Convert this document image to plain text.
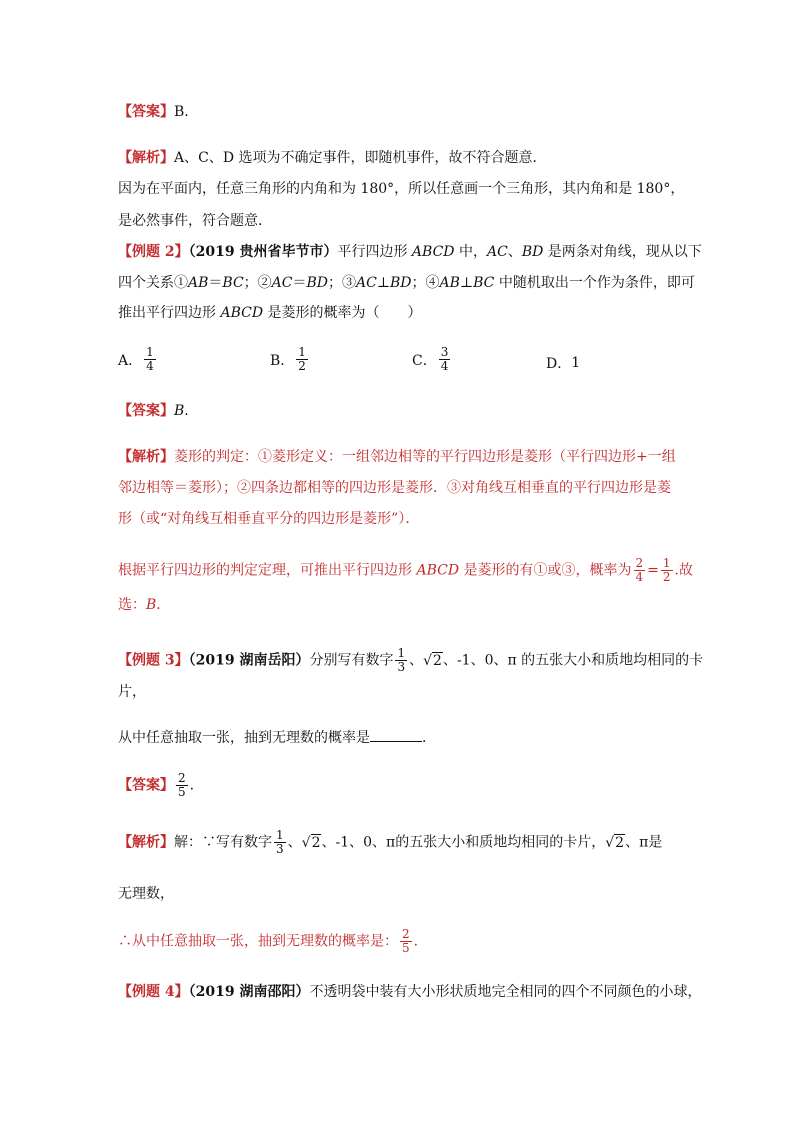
【答案】B.
【解析】A、C、D 选项为不确定事件，即随机事件，故不符合题意．
因为在平面内，任意三角形的内角和为 180°，所以任意画一个三角形，其内角和是 180°，
是必然事件，符合题意．
【例题 2】（2019 贵州省毕节市）平行四边形 ABCD 中，AC、BD 是两条对角线，现从以下
四个关系①AB＝BC；②AC＝BD；③AC⊥BD；④AB⊥BC 中随机取出一个作为条件，即可
推出平行四边形 ABCD 是菱形的概率为（　　）
A． $\frac{1}{4}$	B． $\frac{1}{2}$	C． $\frac{3}{4}$	D． 1
【答案】B.
【解析】菱形的判定：①菱形定义：一组邻边相等的平行四边形是菱形（平行四边形+一组
邻边相等＝菱形）；②四条边都相等的四边形是菱形．③对角线互相垂直的平行四边形是菱
形（或“对角线互相垂直平分的四边形是菱形”）．
根据平行四边形的判定定理，可推出平行四边形 ABCD 是菱形的有①或③，概率为 $\frac{2}{4} = \frac{1}{2}$ .故
选：B．
【例题 3】（2019 湖南岳阳）分别写有数字 $\frac{1}{3}$ 、√2、-1、0、π 的五张大小和质地均相同的卡
片，
从中任意抽取一张，抽到无理数的概率是	．
【答案】 $\frac{2}{5}$ .
【解析】解：∵写有数字 $\frac{1}{3}$ 、√2、-1、0、π的五张大小和质地均相同的卡片，√2、π是
无理数，
∴从中任意抽取一张，抽到无理数的概率是： $\frac{2}{5}$ ．
【例题 4】（2019 湖南邵阳）不透明袋中装有大小形状质地完全相同的四个不同颜色的小球，
